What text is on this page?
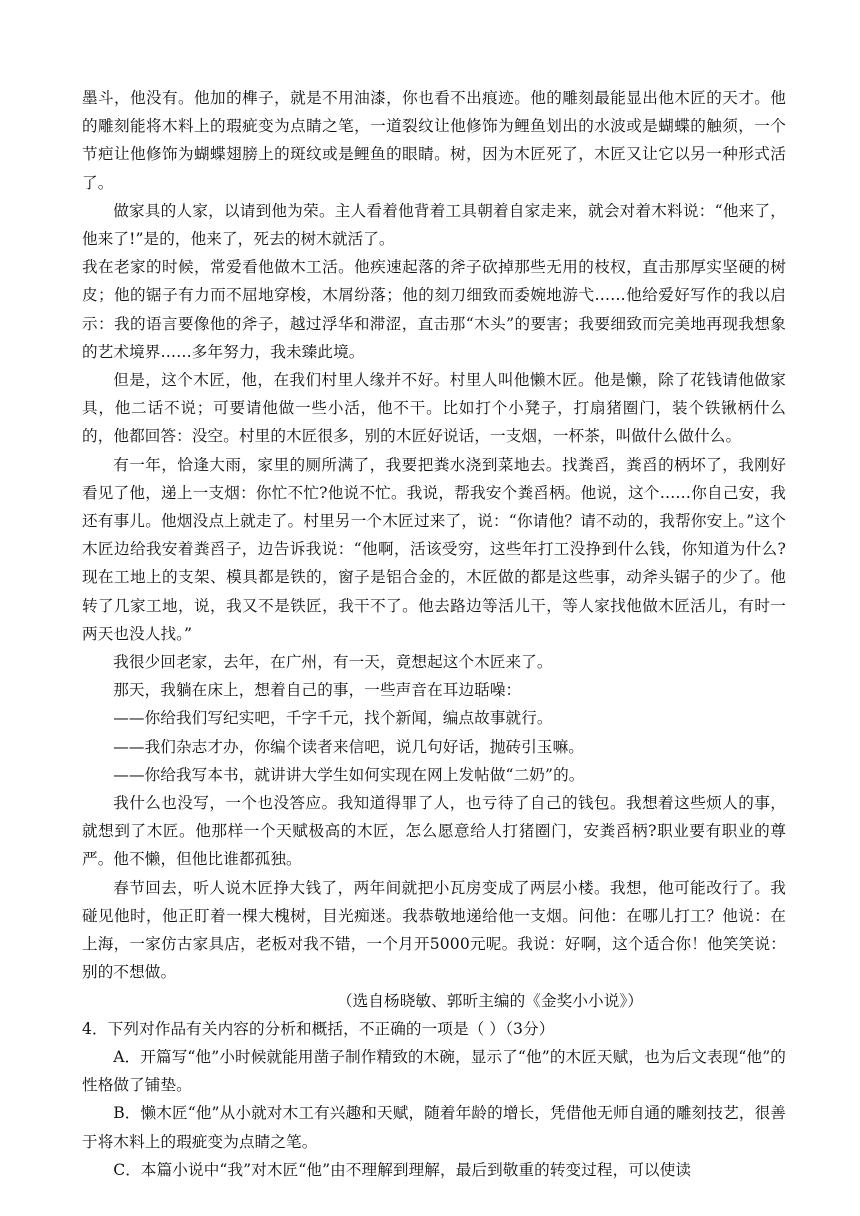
墨斗，他没有。他加的榫子，就是不用油漆，你也看不出痕迹。他的雕刻最能显出他木匠的天才。他的雕刻能将木料上的瑕疵变为点睛之笔，一道裂纹让他修饰为鲤鱼划出的水波或是蝴蝶的触须，一个节疤让他修饰为蝴蝶翅膀上的斑纹或是鲤鱼的眼睛。树，因为木匠死了，木匠又让它以另一种形式活了。

做家具的人家，以请到他为荣。主人看着他背着工具朝着自家走来，就会对着木料说：“他来了，他来了!”是的，他来了，死去的树木就活了。

我在老家的时候，常爱看他做木工活。他疾速起落的斧子砍掉那些无用的枝杈，直击那厚实坚硬的树皮；他的锯子有力而不屈地穿梭，木屑纷落；他的刻刀细致而委婉地游弋……他给爱好写作的我以启示：我的语言要像他的斧子，越过浮华和滞涩，直击那“木头”的要害；我要细致而完美地再现我想象的艺术境界……多年努力，我未臻此境。

但是，这个木匠，他，在我们村里人缘并不好。村里人叫他懒木匠。他是懒，除了花钱请他做家具，他二话不说；可要请他做一些小活，他不干。比如打个小凳子，打扇猪圈门，装个铁锹柄什么的，他都回答：没空。村里的木匠很多，别的木匠好说话，一支烟，一杯茶，叫做什么做什么。

有一年，恰逢大雨，家里的厕所满了，我要把粪水浇到菜地去。找粪舀，粪舀的柄坏了，我刚好看见了他，递上一支烟：你忙不忙?他说不忙。我说，帮我安个粪舀柄。他说，这个……你自己安，我还有事儿。他烟没点上就走了。村里另一个木匠过来了，说：“你请他？请不动的，我帮你安上。”这个木匠边给我安着粪舀子，边告诉我说：“他啊，活该受穷，这些年打工没挣到什么钱，你知道为什么?现在工地上的支架、模具都是铁的，窗子是铝合金的，木匠做的都是这些事，动斧头锯子的少了。他转了几家工地，说，我又不是铁匠，我干不了。他去路边等活儿干，等人家找他做木匠活儿，有时一两天也没人找。”

我很少回老家，去年，在广州，有一天，竟想起这个木匠来了。

那天，我躺在床上，想着自己的事，一些声音在耳边聒噪：

——你给我们写纪实吧，千字千元，找个新闻，编点故事就行。

——我们杂志才办，你编个读者来信吧，说几句好话，抛砖引玉嘛。

——你给我写本书，就讲讲大学生如何实现在网上发帖做“二奶”的。

我什么也没写，一个也没答应。我知道得罪了人，也亏待了自己的钱包。我想着这些烦人的事，就想到了木匠。他那样一个天赋极高的木匠，怎么愿意给人打猪圈门，安粪舀柄?职业要有职业的尊严。他不懒，但他比谁都孤独。

春节回去，听人说木匠挣大钱了，两年间就把小瓦房变成了两层小楼。我想，他可能改行了。我碰见他时，他正盯着一棵大槐树，目光痴迷。我恭敬地递给他一支烟。问他：在哪儿打工？他说：在上海，一家仿古家具店，老板对我不错，一个月开5000元呢。我说：好啊，这个适合你！他笑笑说：别的不想做。

（选自杨晓敏、郭昕主编的《金奖小小说》）

4．下列对作品有关内容的分析和概括，不正确的一项是（ ）（3分）

A．开篇写“他”小时候就能用凿子制作精致的木碗，显示了“他”的木匠天赋，也为后文表现“他”的性格做了铺垫。

B．懒木匠“他”从小就对木工有兴趣和天赋，随着年龄的增长，凭借他无师自通的雕刻技艺，很善于将木料上的瑕疵变为点睛之笔。

C．本篇小说中“我”对木匠“他”由不理解到理解，最后到敬重的转变过程，可以使读
